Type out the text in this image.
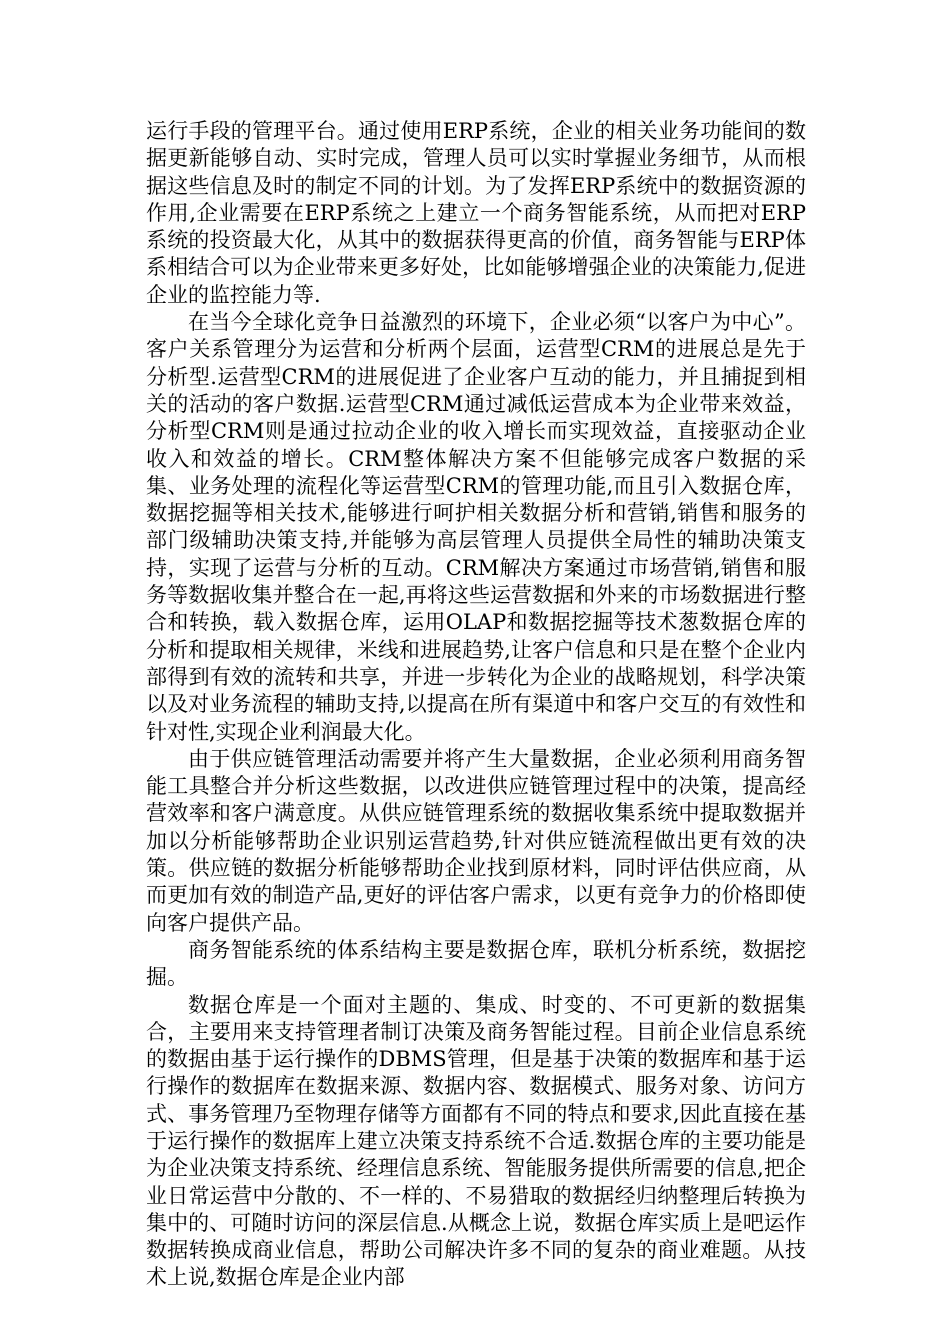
运行手段的管理平台。通过使用ERP系统，企业的相关业务功能间的数据更新能够自动、实时完成，管理人员可以实时掌握业务细节，从而根据这些信息及时的制定不同的计划。为了发挥ERP系统中的数据资源的作用,企业需要在ERP系统之上建立一个商务智能系统，从而把对ERP系统的投资最大化，从其中的数据获得更高的价值，商务智能与ERP体系相结合可以为企业带来更多好处，比如能够增强企业的决策能力,促进企业的监控能力等.

在当今全球化竞争日益激烈的环境下，企业必须“以客户为中心”。客户关系管理分为运营和分析两个层面，运营型CRM的进展总是先于分析型.运营型CRM的进展促进了企业客户互动的能力，并且捕捉到相关的活动的客户数据.运营型CRM通过减低运营成本为企业带来效益，分析型CRM则是通过拉动企业的收入增长而实现效益，直接驱动企业收入和效益的增长。CRM整体解决方案不但能够完成客户数据的采集、业务处理的流程化等运营型CRM的管理功能,而且引入数据仓库，数据挖掘等相关技术,能够进行呵护相关数据分析和营销,销售和服务的部门级辅助决策支持,并能够为高层管理人员提供全局性的辅助决策支持，实现了运营与分析的互动。CRM解决方案通过市场营销,销售和服务等数据收集并整合在一起,再将这些运营数据和外来的市场数据进行整合和转换，载入数据仓库，运用OLAP和数据挖掘等技术葱数据仓库的分析和提取相关规律，米线和进展趋势,让客户信息和只是在整个企业内部得到有效的流转和共享，并进一步转化为企业的战略规划，科学决策以及对业务流程的辅助支持,以提高在所有渠道中和客户交互的有效性和针对性,实现企业利润最大化。

由于供应链管理活动需要并将产生大量数据，企业必须利用商务智能工具整合并分析这些数据，以改进供应链管理过程中的决策，提高经营效率和客户满意度。从供应链管理系统的数据收集系统中提取数据并加以分析能够帮助企业识别运营趋势,针对供应链流程做出更有效的决策。供应链的数据分析能够帮助企业找到原材料，同时评估供应商，从而更加有效的制造产品,更好的评估客户需求，以更有竞争力的价格即使向客户提供产品。

商务智能系统的体系结构主要是数据仓库，联机分析系统，数据挖掘。

数据仓库是一个面对主题的、集成、时变的、不可更新的数据集合，主要用来支持管理者制订决策及商务智能过程。目前企业信息系统的数据由基于运行操作的DBMS管理，但是基于决策的数据库和基于运行操作的数据库在数据来源、数据内容、数据模式、服务对象、访问方式、事务管理乃至物理存储等方面都有不同的特点和要求,因此直接在基于运行操作的数据库上建立决策支持系统不合适.数据仓库的主要功能是为企业决策支持系统、经理信息系统、智能服务提供所需要的信息,把企业日常运营中分散的、不一样的、不易猎取的数据经归纳整理后转换为集中的、可随时访问的深层信息.从概念上说，数据仓库实质上是吧运作数据转换成商业信息，帮助公司解决许多不同的复杂的商业难题。从技术上说,数据仓库是企业内部
